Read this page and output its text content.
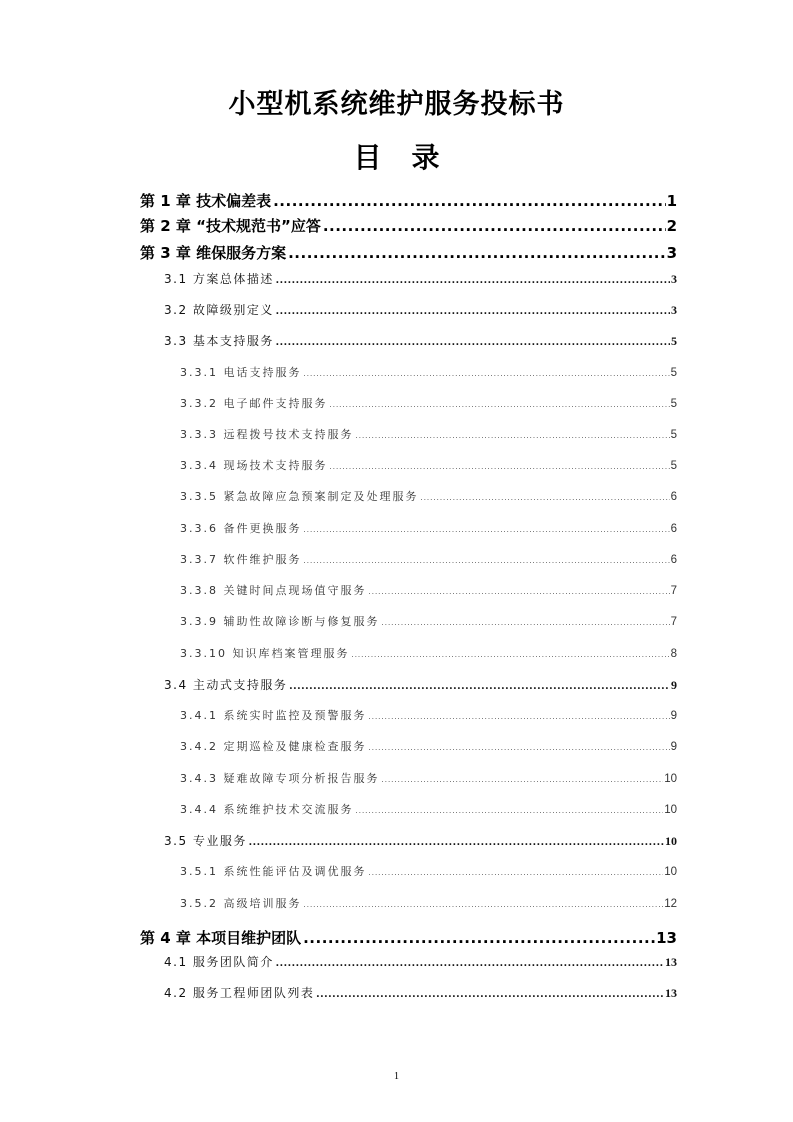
小型机系统维护服务投标书
目录
第 1 章 技术偏差表 .....	1
第 2 章 “技术规范书”应答 .....	2
第 3 章 维保服务方案 .....	3
3.1 方案总体描述 .....	3
3.2 故障级别定义 .....	3
3.3 基本支持服务 .....	5
3.3.1 电话支持服务 .....	5
3.3.2 电子邮件支持服务 .....	5
3.3.3 远程拨号技术支持服务 .....	5
3.3.4 现场技术支持服务 .....	5
3.3.5 紧急故障应急预案制定及处理服务 .....	6
3.3.6 备件更换服务 .....	6
3.3.7 软件维护服务 .....	6
3.3.8 关键时间点现场值守服务 .....	7
3.3.9 辅助性故障诊断与修复服务 .....	7
3.3.10 知识库档案管理服务 .....	8
3.4 主动式支持服务 .....	9
3.4.1 系统实时监控及预警服务 .....	9
3.4.2 定期巡检及健康检查服务 .....	9
3.4.3 疑难故障专项分析报告服务 .....	10
3.4.4 系统维护技术交流服务 .....	10
3.5 专业服务 .....	10
3.5.1 系统性能评估及调优服务 .....	10
3.5.2 高级培训服务 .....	12
第 4 章 本项目维护团队 .....	13
4.1 服务团队简介 .....	13
4.2 服务工程师团队列表 .....	13
1
